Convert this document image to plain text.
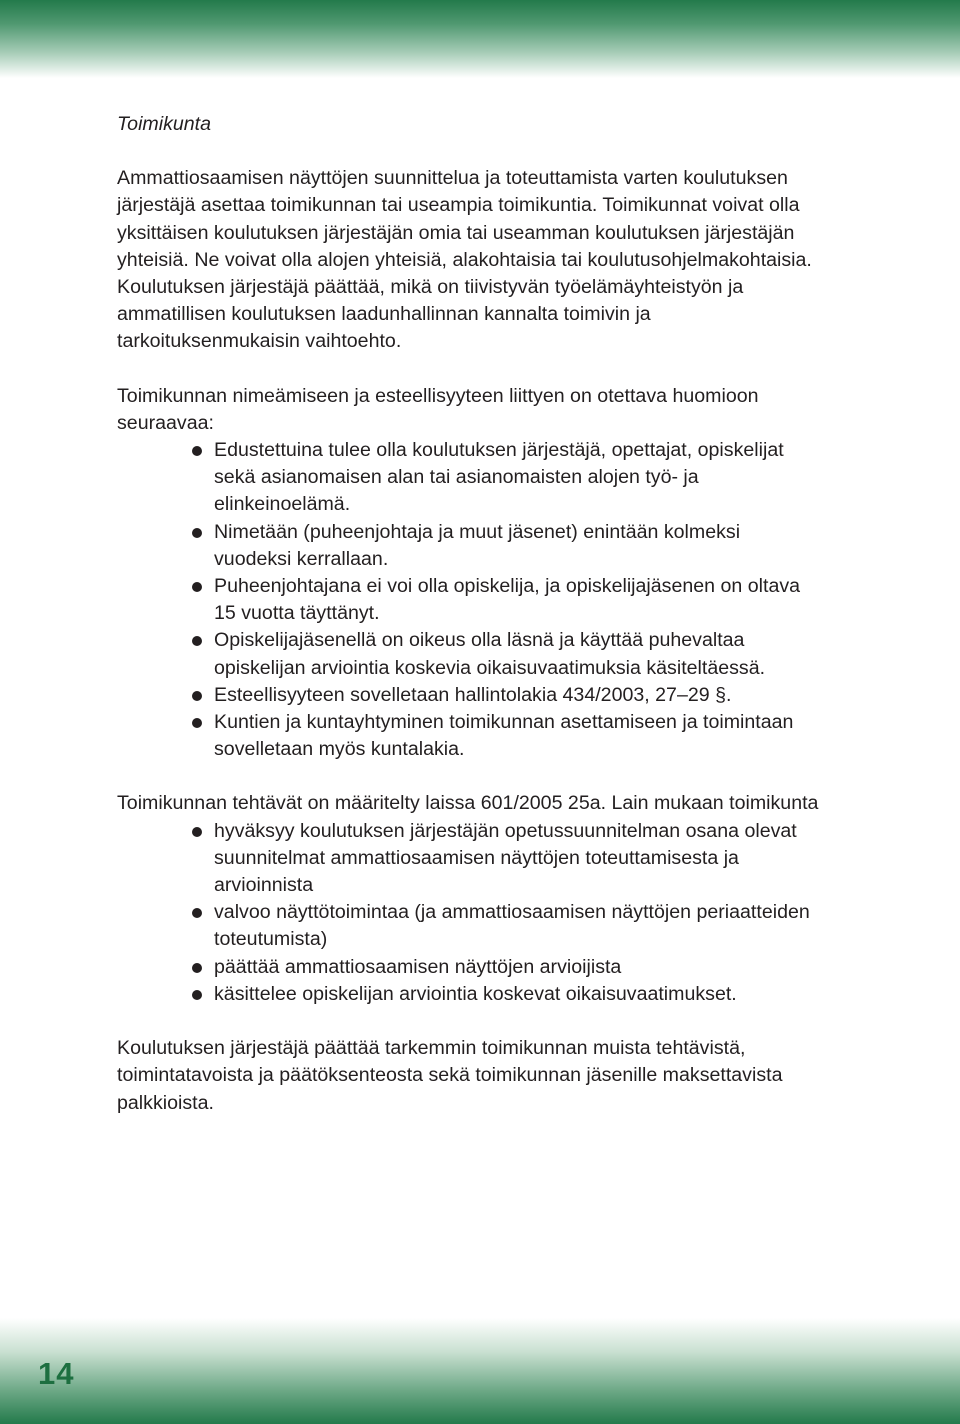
Toimikunta

Ammattiosaamisen näyttöjen suunnittelua ja toteuttamista varten koulutuksen järjestäjä asettaa toimikunnan tai useampia toimikuntia. Toimikunnat voivat olla yksittäisen koulutuksen järjestäjän omia tai useamman koulutuksen järjestäjän yhteisiä. Ne voivat olla alojen yhteisiä, alakohtaisia tai koulutusohjelmakohtaisia. Koulutuksen järjestäjä päättää, mikä on tiivistyvän työelämäyhteistyön ja ammatillisen koulutuksen laadunhallinnan kannalta toimivin ja tarkoituksenmukaisin vaihtoehto.

Toimikunnan nimeämiseen ja esteellisyyteen liittyen on otettava huomioon seuraavaa:

Edustettuina tulee olla koulutuksen järjestäjä, opettajat, opiskelijat sekä asianomaisen alan tai asianomaisten alojen työ- ja elinkeinoelämä.
Nimetään (puheenjohtaja ja muut jäsenet) enintään kolmeksi vuodeksi kerrallaan.
Puheenjohtajana ei voi olla opiskelija, ja opiskelijajäsenen on oltava 15 vuotta täyttänyt.
Opiskelijajäsenellä on oikeus olla läsnä ja käyttää puhevaltaa opiskelijan arviointia koskevia oikaisuvaatimuksia käsiteltäessä.
Esteellisyyteen sovelletaan hallintolakia 434/2003, 27–29 §.
Kuntien ja kuntayhtyminen toimikunnan asettamiseen ja toimintaan sovelletaan myös kuntalakia.

Toimikunnan tehtävät on määritelty laissa 601/2005 25a. Lain mukaan toimikunta

hyväksyy koulutuksen järjestäjän opetussuunnitelman osana olevat suunnitelmat ammattiosaamisen näyttöjen toteuttamisesta ja arvioinnista
valvoo näyttötoimintaa (ja ammattiosaamisen näyttöjen periaatteiden toteutumista)
päättää ammattiosaamisen näyttöjen arvioijista
käsittelee opiskelijan arviointia koskevat oikaisuvaatimukset.

Koulutuksen järjestäjä päättää tarkemmin toimikunnan muista tehtävistä, toimintatavoista ja päätöksenteosta sekä toimikunnan jäsenille maksettavista palkkioista.

14
